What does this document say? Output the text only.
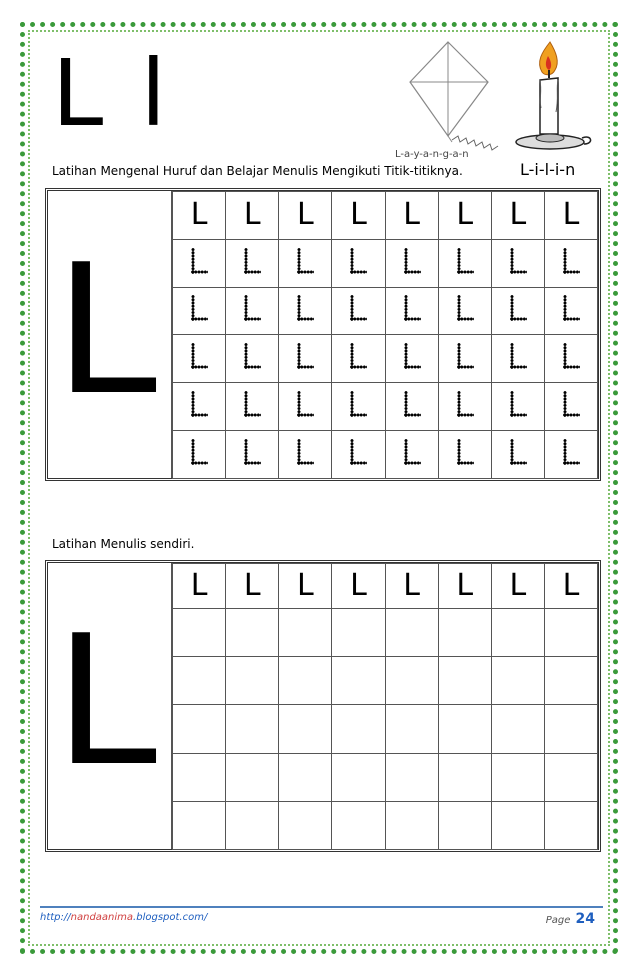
L l
L-a-y-a-n-g-a-n
L-i-l-i-n
Latihan Mengenal Huruf dan Belajar Menulis Mengikuti Titik-titiknya.
L
L	L	L	L	L	L	L	L

Latihan Menulis sendiri.
L
L	L	L	L	L	L	L	L

http://nandaanima.blogspot.com/	Page 24
